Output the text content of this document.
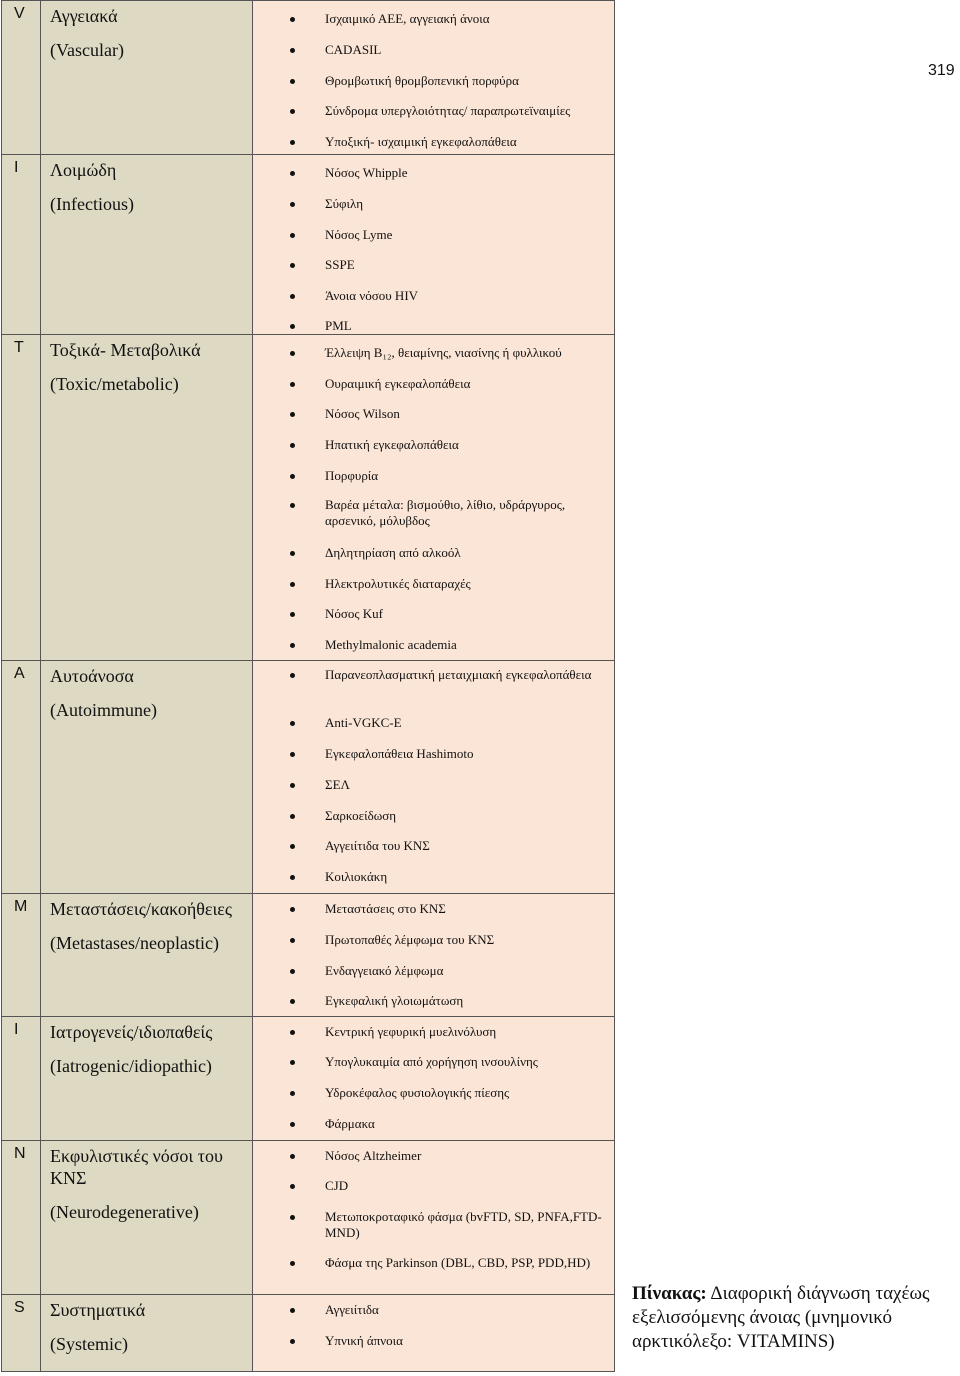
319
V Αγγειακά
(Vascular)
Ισχαιμικό ΑΕΕ, αγγειακή άνοια
CADASIL
Θρομβωτική θρομβοπενική πορφύρα
Σύνδρομα υπεργλοιότητας/ παραπρωτεϊναιμίες
Υποξική- ισχαιμική εγκεφαλοπάθεια
I Λοιμώδη
(Infectious)
Νόσος Whipple
Σύφιλη
Νόσος Lyme
SSPE
Άνοια νόσου HIV
PML
T Τοξικά- Μεταβολικά
(Toxic/metabolic)
Έλλειψη B₁₂, θειαμίνης, νιασίνης ή φυλλικού
Ουραιμική εγκεφαλοπάθεια
Νόσος Wilson
Ηπατική εγκεφαλοπάθεια
Πορφυρία
Βαρέα μέταλα: βισμούθιο, λίθιο, υδράργυρος, αρσενικό, μόλυβδος
Δηλητηρίαση από αλκοόλ
Ηλεκτρολυτικές διαταραχές
Νόσος Kuf
Methylmalonic academia
A Αυτοάνοσα
(Autoimmune)
Παρανεοπλασματική μεταιχμιακή εγκεφαλοπάθεια
Anti-VGKC-E
Εγκεφαλοπάθεια Hashimoto
ΣΕΛ
Σαρκοείδωση
Αγγειίτιδα του ΚΝΣ
Κοιλιοκάκη
M Μεταστάσεις/κακοήθειες
(Metastases/neoplastic)
Μεταστάσεις στο ΚΝΣ
Πρωτοπαθές λέμφωμα του ΚΝΣ
Ενδαγγειακό λέμφωμα
Εγκεφαλική γλοιωμάτωση
I Ιατρογενείς/ιδιοπαθείς
(Iatrogenic/idiopathic)
Κεντρική γεφυρική μυελινόλυση
Υπογλυκαιμία από χορήγηση ινσουλίνης
Υδροκέφαλος φυσιολογικής πίεσης
Φάρμακα
N Εκφυλιστικές νόσοι του ΚΝΣ
(Neurodegenerative)
Νόσος Altzheimer
CJD
Μετωποκροταφικό φάσμα (bvFTD, SD, PNFA,FTD-MND)
Φάσμα της Parkinson (DBL, CBD, PSP, PDD,HD)
S Συστηματικά
(Systemic)
Αγγειίτιδα
Υπνική άπνοια
Πίνακας: Διαφορική διάγνωση ταχέως εξελισσόμενης άνοιας (μνημονικό αρκτικόλεξο: VITAMINS)
